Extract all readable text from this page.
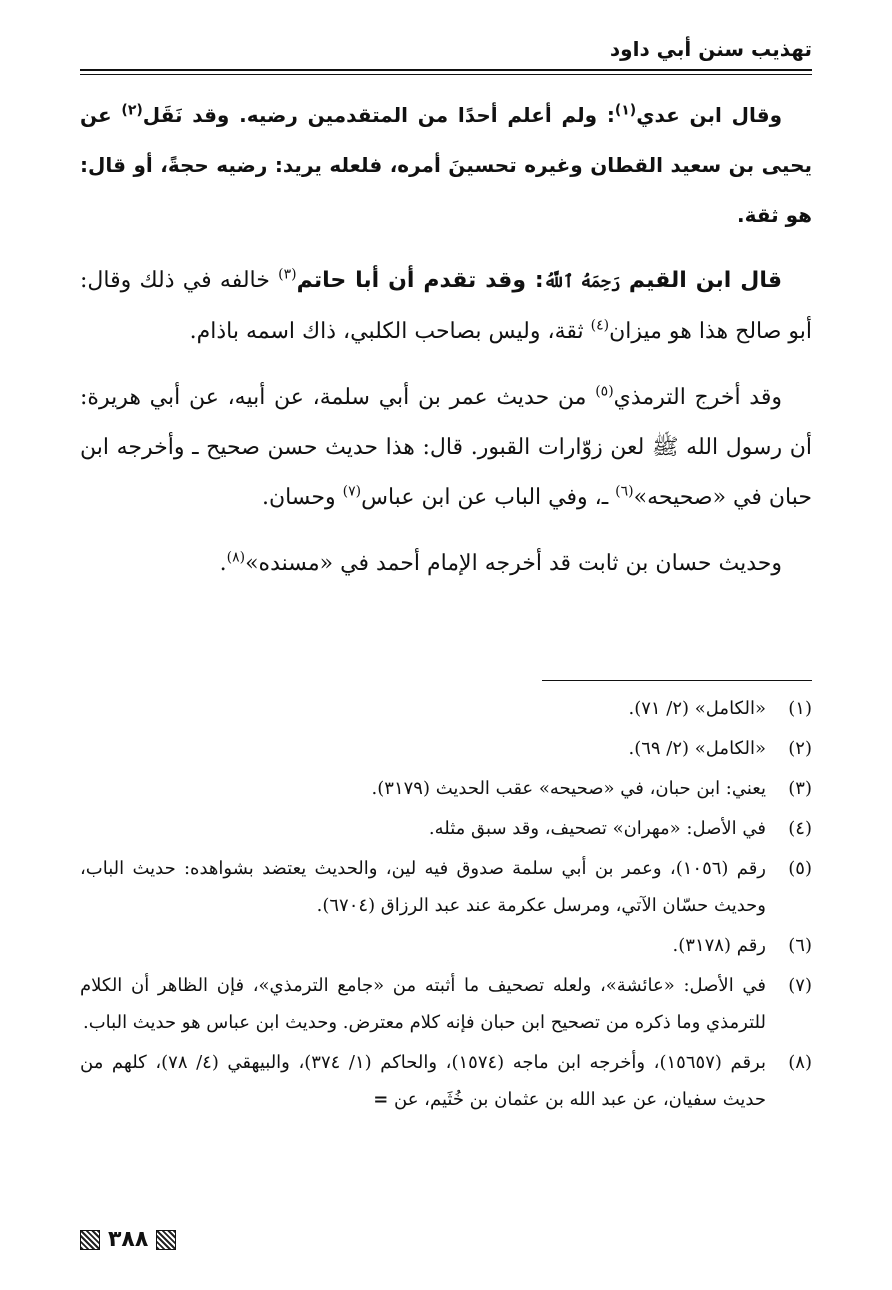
تهذيب سنن أبي داود

وقال ابن عدي$^{(١)}$: ولم أعلم أحدًا من المتقدمين رضيه. وقد نَقَل$^{(٢)}$ عن يحيى بن سعيد القطان وغيره تحسينَ أمره، فلعله يريد: رضيه حجةً، أو قال: هو ثقة.

قال ابن القيم رَحِمَهُ ٱللَّهُ: وقد تقدم أن أبا حاتم$^{(٣)}$ خالفه في ذلك وقال: أبو صالح هذا هو ميزان$^{(٤)}$ ثقة، وليس بصاحب الكلبي، ذاك اسمه باذام.

وقد أخرج الترمذي$^{(٥)}$ من حديث عمر بن أبي سلمة، عن أبيه، عن أبي هريرة: أن رسول الله ﷺ لعن زوّارات القبور. قال: هذا حديث حسن صحيح ـ وأخرجه ابن حبان في «صحيحه»$^{(٦)}$ ـ، وفي الباب عن ابن عباس$^{(٧)}$ وحسان.

وحديث حسان بن ثابت قد أخرجه الإمام أحمد في «مسنده»$^{(٨)}$.

(١)
«الكامل» (٢/ ٧١).
(٢)
«الكامل» (٢/ ٦٩).
(٣)
يعني: ابن حبان، في «صحيحه» عقب الحديث (٣١٧٩).
(٤)
في الأصل: «مهران» تصحيف، وقد سبق مثله.
(٥)
رقم (١٠٥٦)، وعمر بن أبي سلمة صدوق فيه لين، والحديث يعتضد بشواهده: حديث الباب، وحديث حسّان الآتي، ومرسل عكرمة عند عبد الرزاق (٦٧٠٤).
(٦)
رقم (٣١٧٨).
(٧)
في الأصل: «عائشة»، ولعله تصحيف ما أثبته من «جامع الترمذي»، فإن الظاهر أن الكلام للترمذي وما ذكره من تصحيح ابن حبان فإنه كلام معترض. وحديث ابن عباس هو حديث الباب.
(٨)
برقم (١٥٦٥٧)، وأخرجه ابن ماجه (١٥٧٤)، والحاكم (١/ ٣٧٤)، والبيهقي (٤/ ٧٨)، كلهم من حديث سفيان، عن عبد الله بن عثمان بن خُثَيم، عن =
٣٨٨
